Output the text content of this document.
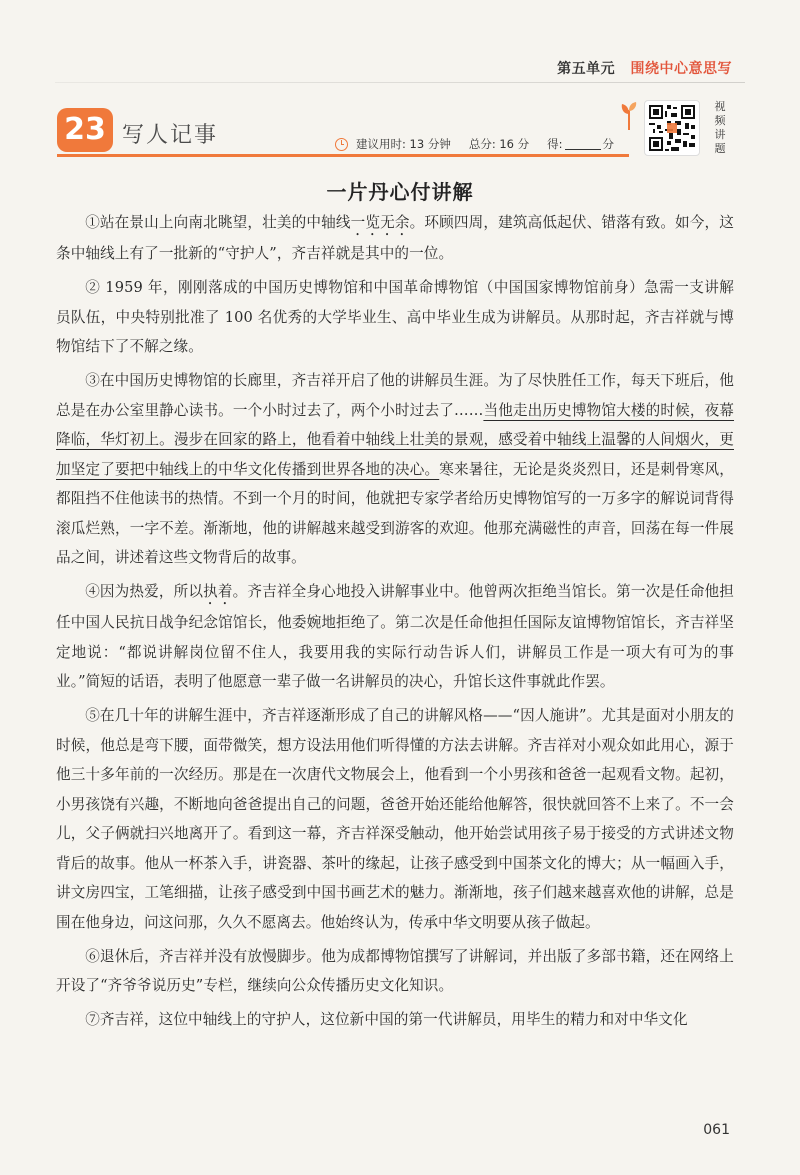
第五单元 围绕中心意思写
23 写人记事	建议用时: 13 分钟 总分: 16 分 得:	分
视频讲题
一片丹心付讲解

①站在景山上向南北眺望，壮美的中轴线一览无余。环顾四周，建筑高低起伏、错落有致。如今，这条中轴线上有了一批新的“守护人”，齐吉祥就是其中的一位。

② 1959 年，刚刚落成的中国历史博物馆和中国革命博物馆（中国国家博物馆前身）急需一支讲解员队伍，中央特别批准了 100 名优秀的大学毕业生、高中毕业生成为讲解员。从那时起，齐吉祥就与博物馆结下了不解之缘。

③在中国历史博物馆的长廊里，齐吉祥开启了他的讲解员生涯。为了尽快胜任工作，每天下班后，他总是在办公室里静心读书。一个小时过去了，两个小时过去了……当他走出历史博物馆大楼的时候，夜幕降临，华灯初上。漫步在回家的路上，他看着中轴线上壮美的景观，感受着中轴线上温馨的人间烟火，更加坚定了要把中轴线上的中华文化传播到世界各地的决心。寒来暑往，无论是炎炎烈日，还是刺骨寒风，都阻挡不住他读书的热情。不到一个月的时间，他就把专家学者给历史博物馆写的一万多字的解说词背得滚瓜烂熟，一字不差。渐渐地，他的讲解越来越受到游客的欢迎。他那充满磁性的声音，回荡在每一件展品之间，讲述着这些文物背后的故事。

④因为热爱，所以执着。齐吉祥全身心地投入讲解事业中。他曾两次拒绝当馆长。第一次是任命他担任中国人民抗日战争纪念馆馆长，他委婉地拒绝了。第二次是任命他担任国际友谊博物馆馆长，齐吉祥坚定地说：“都说讲解岗位留不住人，我要用我的实际行动告诉人们，讲解员工作是一项大有可为的事业。”简短的话语，表明了他愿意一辈子做一名讲解员的决心，升馆长这件事就此作罢。

⑤在几十年的讲解生涯中，齐吉祥逐渐形成了自己的讲解风格——“因人施讲”。尤其是面对小朋友的时候，他总是弯下腰，面带微笑，想方设法用他们听得懂的方法去讲解。齐吉祥对小观众如此用心，源于他三十多年前的一次经历。那是在一次唐代文物展会上，他看到一个小男孩和爸爸一起观看文物。起初，小男孩饶有兴趣，不断地向爸爸提出自己的问题，爸爸开始还能给他解答，很快就回答不上来了。不一会儿，父子俩就扫兴地离开了。看到这一幕，齐吉祥深受触动，他开始尝试用孩子易于接受的方式讲述文物背后的故事。他从一杯茶入手，讲瓷器、茶叶的缘起，让孩子感受到中国茶文化的博大；从一幅画入手，讲文房四宝，工笔细描，让孩子感受到中国书画艺术的魅力。渐渐地，孩子们越来越喜欢他的讲解，总是围在他身边，问这问那，久久不愿离去。他始终认为，传承中华文明要从孩子做起。

⑥退休后，齐吉祥并没有放慢脚步。他为成都博物馆撰写了讲解词，并出版了多部书籍，还在网络上开设了“齐爷爷说历史”专栏，继续向公众传播历史文化知识。

⑦齐吉祥，这位中轴线上的守护人，这位新中国的第一代讲解员，用毕生的精力和对中华文化

061
